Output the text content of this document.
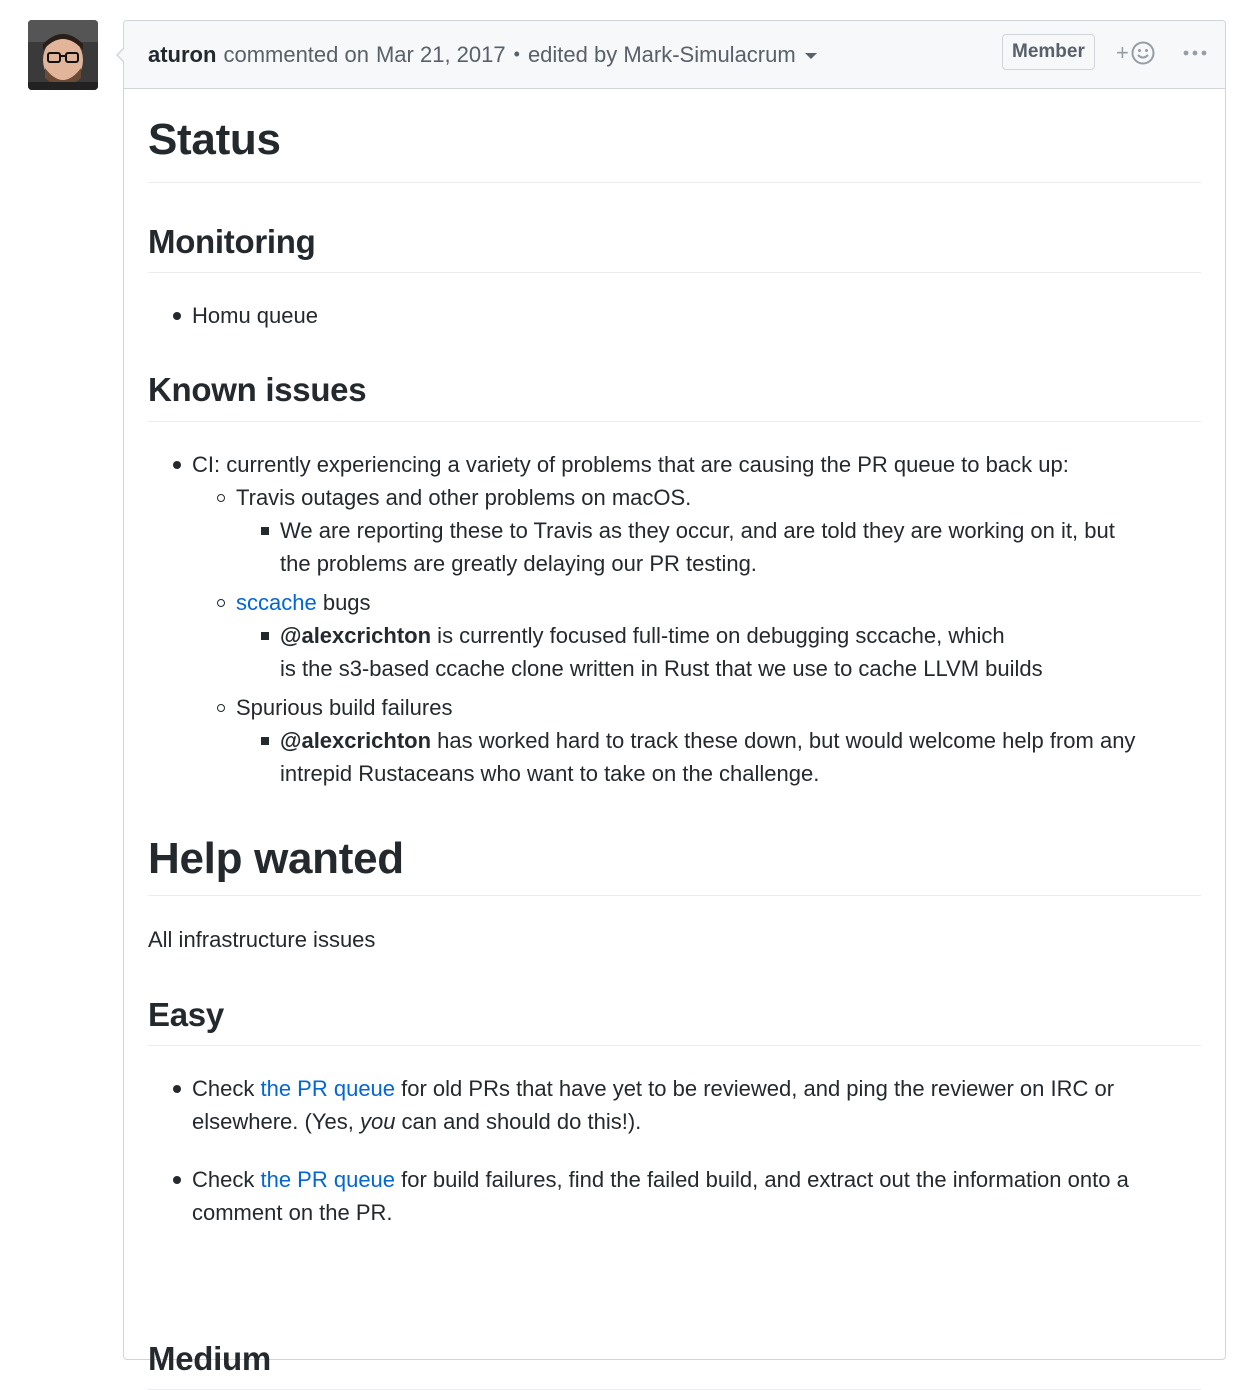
aturon commented on Mar 21, 2017 • edited by Mark-Simulacrum	Member	+
Status
Monitoring
Homu queue
Known issues
CI: currently experiencing a variety of problems that are causing the PR queue to back up:
Travis outages and other problems on macOS.
We are reporting these to Travis as they occur, and are told they are working on it, but
the problems are greatly delaying our PR testing.
sccache bugs
@alexcrichton is currently focused full-time on debugging sccache, which
is the s3-based ccache clone written in Rust that we use to cache LLVM builds
Spurious build failures
@alexcrichton has worked hard to track these down, but would welcome help from any
intrepid Rustaceans who want to take on the challenge.
Help wanted
All infrastructure issues
Easy
Check the PR queue for old PRs that have yet to be reviewed, and ping the reviewer on IRC or
elsewhere. (Yes, you can and should do this!).
Check the PR queue for build failures, find the failed build, and extract out the information onto a
comment on the PR.
Medium
